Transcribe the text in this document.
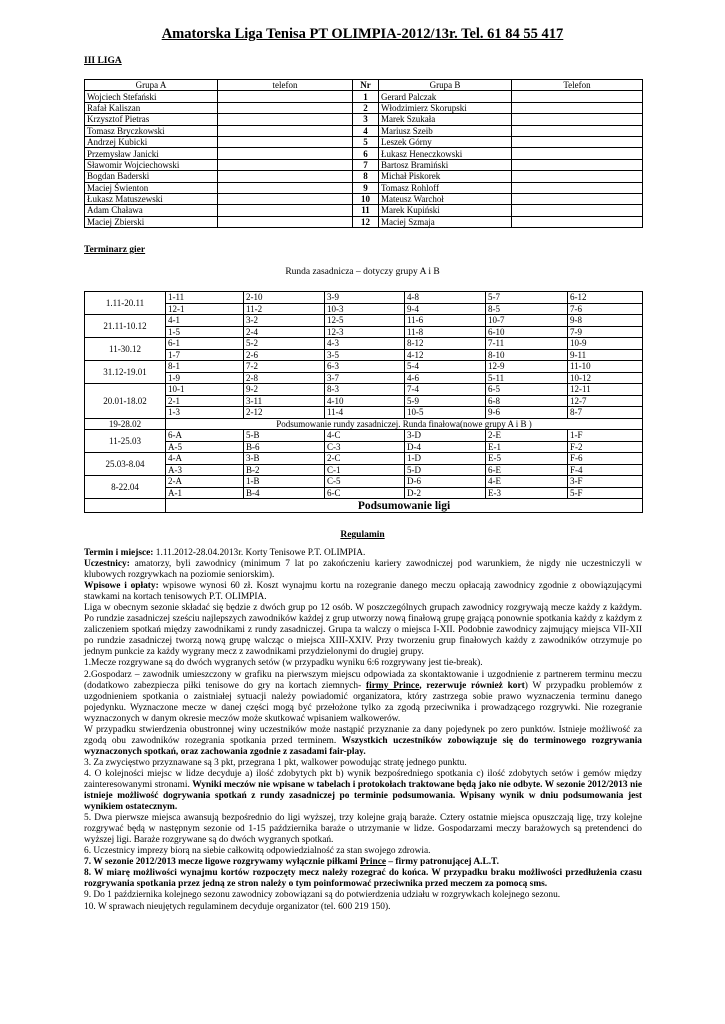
Amatorska Liga Tenisa PT OLIMPIA-2012/13r. Tel. 61 84 55 417
III LIGA
Grupa A	telefon	Nr	Grupa B	Telefon
Wojciech Stefański		1	Gerard Palczak	
Rafał Kaliszan		2	Włodzimierz Skorupski	
Krzysztof Pietras		3	Marek Szukała	
Tomasz Bryczkowski		4	Mariusz Szeib	
Andrzej Kubicki		5	Leszek Górny	
Przemysław Janicki		6	Łukasz Heneczkowski	
Sławomir Wojciechowski		7	Bartosz Bramiński	
Bogdan Baderski		8	Michał Piskorek	
Maciej Świenton		9	Tomasz Rohloff	
Łukasz Matuszewski		10	Mateusz Warchoł	
Adam Chaława		11	Marek Kupiński	
Maciej Zbierski		12	Maciej Szmaja	
Terminarz gier
Runda zasadnicza – dotyczy grupy A i B
1.11-20.11	1-11	2-10	3-9	4-8	5-7	6-12	
	12-1	11-2	10-3	9-4	8-5	7-6	
21.11-10.12	4-1	3-2	12-5	11-6	10-7	9-8	
	1-5	2-4	12-3	11-8	6-10	7-9	
11-30.12	6-1	5-2	4-3	8-12	7-11	10-9	
	1-7	2-6	3-5	4-12	8-10	9-11	
31.12-19.01	8-1	7-2	6-3	5-4	12-9	11-10	
	1-9	2-8	3-7	4-6	5-11	10-12	
20.01-18.02	10-1	9-2	8-3	7-4	6-5	12-11	
	2-1	3-11	4-10	5-9	6-8	12-7	
	1-3	2-12	11-4	10-5	9-6	8-7	
19-28.02	Podsumowanie rundy zasadniczej. Runda finałowa(nowe grupy A i B )						
11-25.03	6-A	5-B	4-C	3-D	2-E	1-F	
	A-5	B-6	C-3	D-4	E-1	F-2	
25.03-8.04	4-A	3-B	2-C	1-D	E-5	F-6	
	A-3	B-2	C-1	5-D	6-E	F-4	
8-22.04	2-A	1-B	C-5	D-6	4-E	3-F	
	A-1	B-4	6-C	D-2	E-3	5-F	
	Podsumowanie ligi						
Regulamin

Termin i miejsce: 1.11.2012-28.04.2013r. Korty Tenisowe P.T. OLIMPIA.

Uczestnicy: amatorzy, byli zawodnicy (minimum 7 lat po zakończeniu kariery zawodniczej pod warunkiem, że nigdy nie uczestniczyli w klubowych rozgrywkach na poziomie seniorskim).

Wpisowe i opłaty: wpisowe wynosi 60 zł. Koszt wynajmu kortu na rozegranie danego meczu opłacają zawodnicy zgodnie z obowiązującymi stawkami na kortach tenisowych P.T. OLIMPIA.

Liga w obecnym sezonie składać się będzie z dwóch grup po 12 osób. W poszczególnych grupach zawodnicy rozgrywają mecze każdy z każdym. Po rundzie zasadniczej sześciu najlepszych zawodników każdej z grup utworzy nową finałową grupę grającą ponownie spotkania każdy z każdym z zaliczeniem spotkań między zawodnikami z rundy zasadniczej. Grupa ta walczy o miejsca I-XII. Podobnie zawodnicy zajmujący miejsca VII-XII po rundzie zasadniczej tworzą nową grupę walcząc o miejsca XIII-XXIV. Przy tworzeniu grup finałowych każdy z zawodników otrzymuje po jednym punkcie za każdy wygrany mecz z zawodnikami przydzielonymi do drugiej grupy.

1.Mecze rozgrywane są do dwóch wygranych setów (w przypadku wyniku 6:6 rozgrywany jest tie-break).

2.Gospodarz – zawodnik umieszczony w grafiku na pierwszym miejscu odpowiada za skontaktowanie i uzgodnienie z partnerem terminu meczu (dodatkowo zabezpiecza piłki tenisowe do gry na kortach ziemnych- firmy Prince, rezerwuje również kort) W przypadku problemów z uzgodnieniem spotkania o zaistniałej sytuacji należy powiadomić organizatora, który zastrzega sobie prawo wyznaczenia terminu danego pojedynku. Wyznaczone mecze w danej części mogą być przełożone tylko za zgodą przeciwnika i prowadzącego rozgrywki. Nie rozegranie wyznaczonych w danym okresie meczów może skutkować wpisaniem walkowerów.

W przypadku stwierdzenia obustronnej winy uczestników może nastąpić przyznanie za dany pojedynek po zero punktów. Istnieje możliwość za zgodą obu zawodników rozegrania spotkania przed terminem. Wszystkich uczestników zobowiązuje się do terminowego rozgrywania wyznaczonych spotkań, oraz zachowania zgodnie z zasadami fair-play.

3. Za zwycięstwo przyznawane są 3 pkt, przegrana 1 pkt, walkower powodując stratę jednego punktu.

4. O kolejności miejsc w lidze decyduje a) ilość zdobytych pkt b) wynik bezpośredniego spotkania c) ilość zdobytych setów i gemów między zainteresowanymi stronami. Wyniki meczów nie wpisane w tabelach i protokołach traktowane będą jako nie odbyte. W sezonie 2012/2013 nie istnieje możliwość dogrywania spotkań z rundy zasadniczej po terminie podsumowania. Wpisany wynik w dniu podsumowania jest wynikiem ostatecznym.

5. Dwa pierwsze miejsca awansują bezpośrednio do ligi wyższej, trzy kolejne grają baraże. Cztery ostatnie miejsca opuszczają ligę, trzy kolejne rozgrywać będą w następnym sezonie od 1-15 października baraże o utrzymanie w lidze. Gospodarzami meczy barażowych są pretendenci do wyższej ligi. Baraże rozgrywane są do dwóch wygranych spotkań.

6. Uczestnicy imprezy biorą na siebie całkowitą odpowiedzialność za stan swojego zdrowia.

7. W sezonie 2012/2013 mecze ligowe rozgrywamy wyłącznie piłkami Prince – firmy patronującej A.L.T.

8. W miarę możliwości wynajmu kortów rozpoczęty mecz należy rozegrać do końca. W przypadku braku możliwości przedłużenia czasu rozgrywania spotkania przez jedną ze stron należy o tym poinformować przeciwnika przed meczem za pomocą sms.

9. Do 1 października kolejnego sezonu zawodnicy zobowiązani są do potwierdzenia udziału w rozgrywkach kolejnego sezonu.

10. W sprawach nieujętych regulaminem decyduje organizator (tel. 600 219 150).
